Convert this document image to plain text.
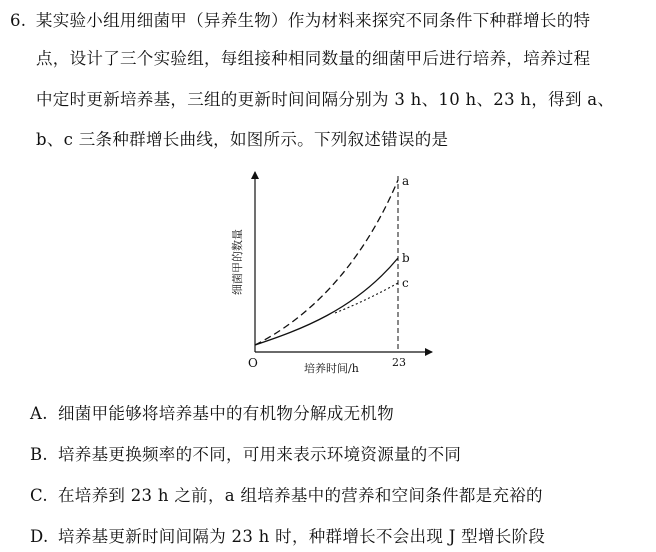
6. 某实验小组用细菌甲（异养生物）作为材料来探究不同条件下种群增长的特
点，设计了三个实验组，每组接种相同数量的细菌甲后进行培养，培养过程
中定时更新培养基，三组的更新时间间隔分别为 3 h、10 h、23 h，得到 a、
b、c 三条种群增长曲线，如图所示。下列叙述错误的是
a
b
c
O	23
培养时间/h
细菌甲的数量
A. 细菌甲能够将培养基中的有机物分解成无机物
B. 培养基更换频率的不同，可用来表示环境资源量的不同
C. 在培养到 23 h 之前，a 组培养基中的营养和空间条件都是充裕的
D. 培养基更新时间间隔为 23 h 时，种群增长不会出现 J 型增长阶段
